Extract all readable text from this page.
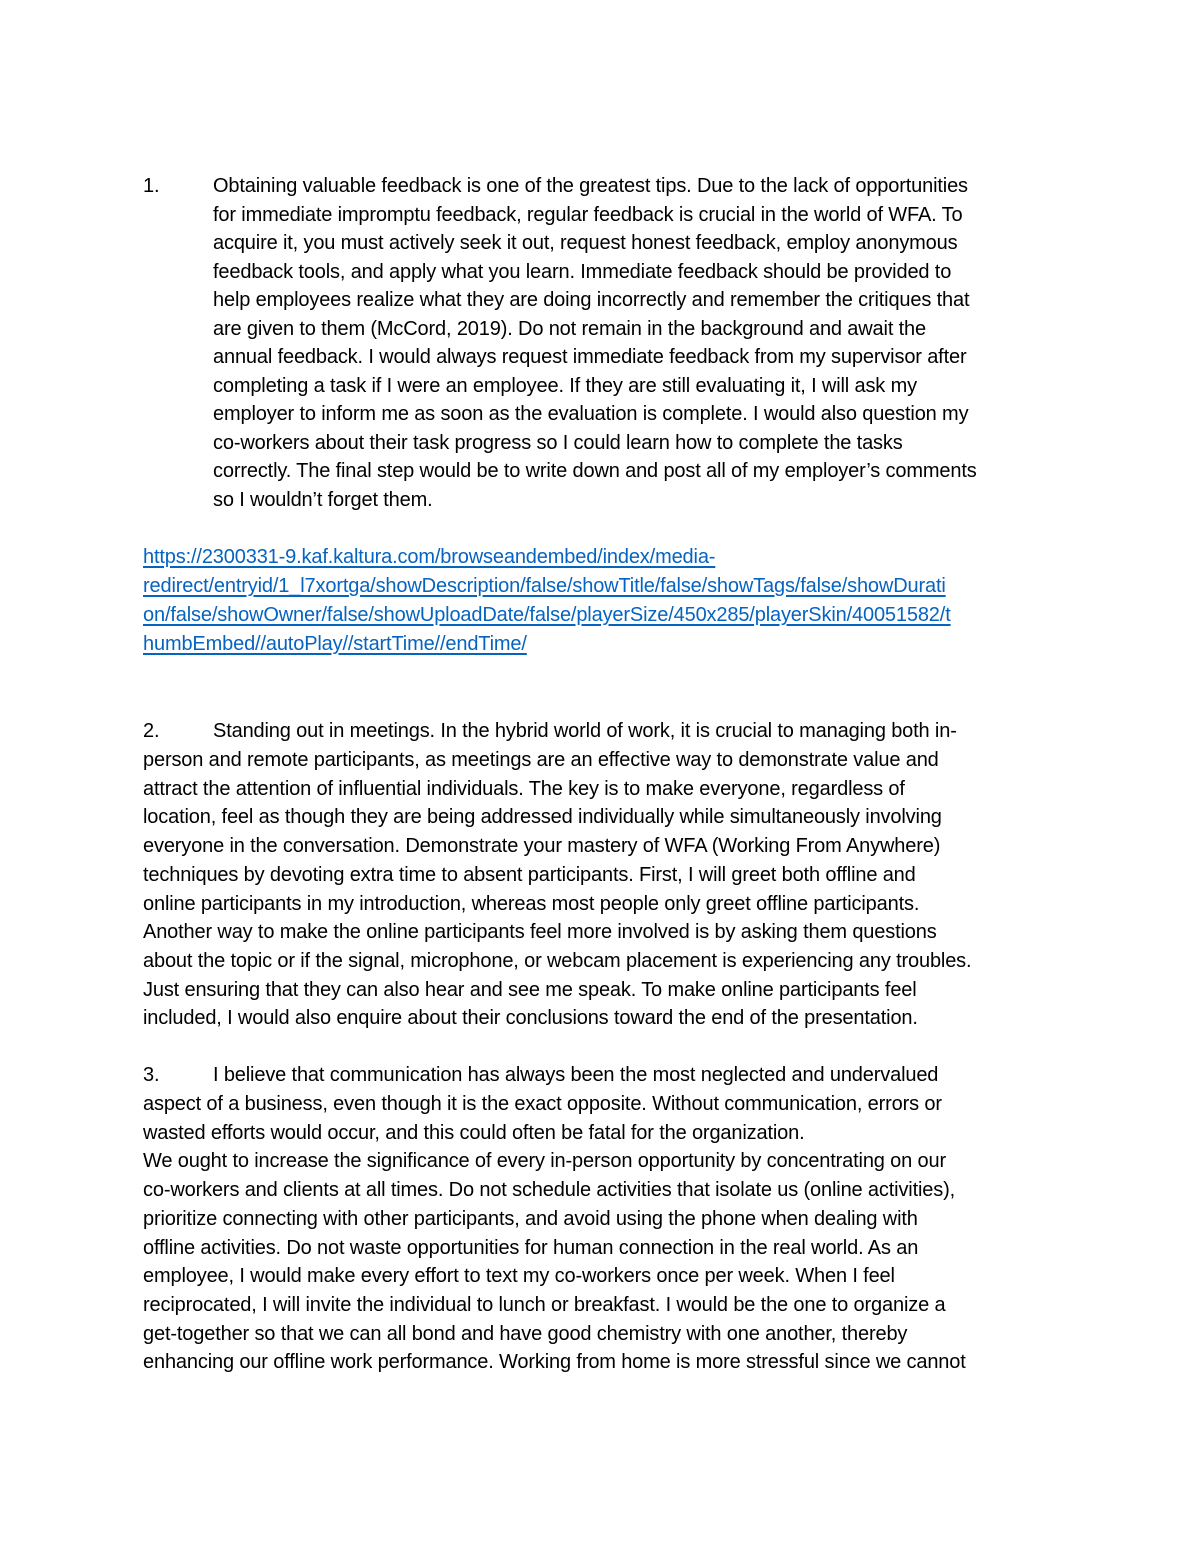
1.	Obtaining valuable feedback is one of the greatest tips. Due to the lack of opportunities
for immediate impromptu feedback, regular feedback is crucial in the world of WFA. To
acquire it, you must actively seek it out, request honest feedback, employ anonymous
feedback tools, and apply what you learn. Immediate feedback should be provided to
help employees realize what they are doing incorrectly and remember the critiques that
are given to them (McCord, 2019). Do not remain in the background and await the
annual feedback. I would always request immediate feedback from my supervisor after
completing a task if I were an employee. If they are still evaluating it, I will ask my
employer to inform me as soon as the evaluation is complete. I would also question my
co-workers about their task progress so I could learn how to complete the tasks
correctly. The final step would be to write down and post all of my employer’s comments
so I wouldn’t forget them.
https://2300331-9.kaf.kaltura.com/browseandembed/index/media-
redirect/entryid/1_l7xortga/showDescription/false/showTitle/false/showTags/false/showDurati
on/false/showOwner/false/showUploadDate/false/playerSize/450x285/playerSkin/40051582/t
humbEmbed//autoPlay//startTime//endTime/
2.	Standing out in meetings. In the hybrid world of work, it is crucial to managing both in-
person and remote participants, as meetings are an effective way to demonstrate value and
attract the attention of influential individuals. The key is to make everyone, regardless of
location, feel as though they are being addressed individually while simultaneously involving
everyone in the conversation. Demonstrate your mastery of WFA (Working From Anywhere)
techniques by devoting extra time to absent participants. First, I will greet both offline and
online participants in my introduction, whereas most people only greet offline participants.
Another way to make the online participants feel more involved is by asking them questions
about the topic or if the signal, microphone, or webcam placement is experiencing any troubles.
Just ensuring that they can also hear and see me speak. To make online participants feel
included, I would also enquire about their conclusions toward the end of the presentation.
3.	I believe that communication has always been the most neglected and undervalued
aspect of a business, even though it is the exact opposite. Without communication, errors or
wasted efforts would occur, and this could often be fatal for the organization.
We ought to increase the significance of every in-person opportunity by concentrating on our
co-workers and clients at all times. Do not schedule activities that isolate us (online activities),
prioritize connecting with other participants, and avoid using the phone when dealing with
offline activities. Do not waste opportunities for human connection in the real world. As an
employee, I would make every effort to text my co-workers once per week. When I feel
reciprocated, I will invite the individual to lunch or breakfast. I would be the one to organize a
get-together so that we can all bond and have good chemistry with one another, thereby
enhancing our offline work performance. Working from home is more stressful since we cannot
